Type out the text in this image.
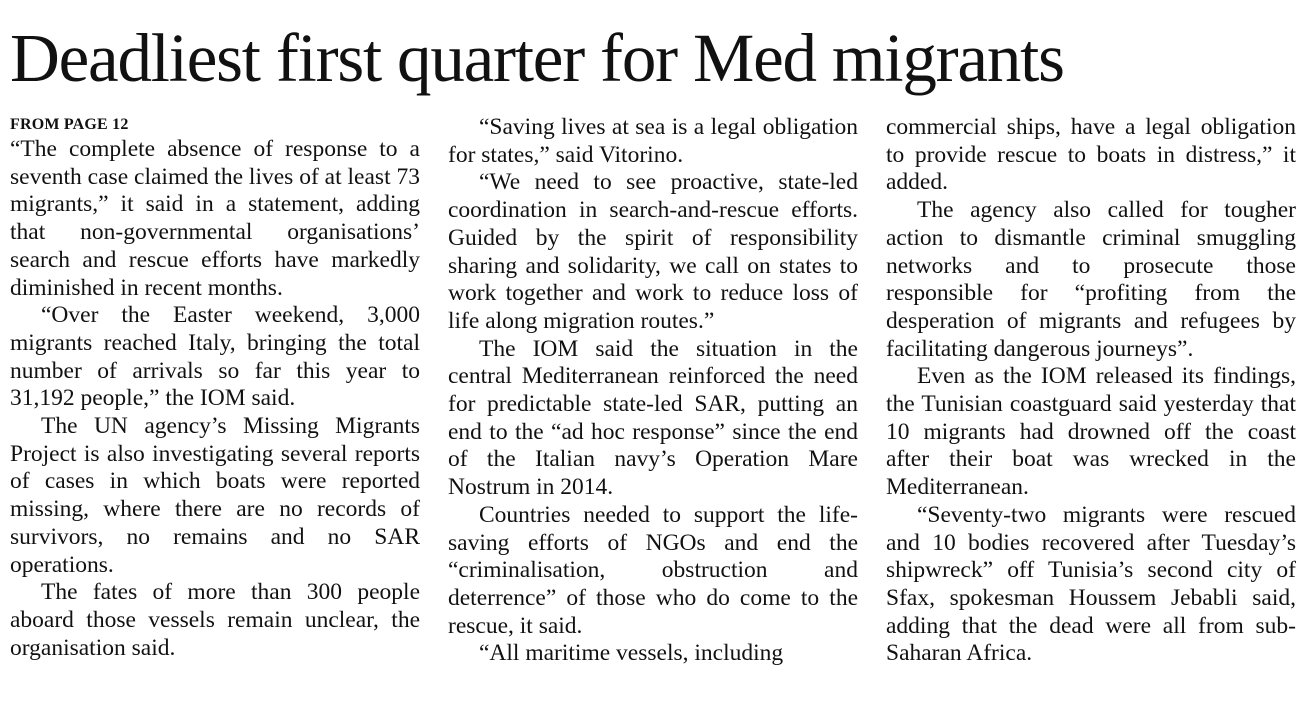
Deadliest first quarter for Med migrants
FROM PAGE 12

“The complete absence of response to a seventh case claimed the lives of at least 73 migrants,” it said in a statement, adding that non-governmental organisations’ search and rescue efforts have markedly diminished in recent months.

“Over the Easter weekend, 3,000 migrants reached Italy, bringing the total number of arrivals so far this year to 31,192 people,” the IOM said.

The UN agency’s Missing Migrants Project is also investigating several reports of cases in which boats were reported missing, where there are no records of survivors, no remains and no SAR operations.

The fates of more than 300 people aboard those vessels remain unclear, the organisation said.

“Saving lives at sea is a legal obligation for states,” said Vitorino.

“We need to see proactive, state-led coordination in search-and-rescue efforts. Guided by the spirit of responsibility sharing and solidarity, we call on states to work together and work to reduce loss of life along migration routes.”

The IOM said the situation in the central Mediterranean reinforced the need for predictable state-led SAR, putting an end to the “ad hoc response” since the end of the Italian navy’s Operation Mare Nostrum in 2014.

Countries needed to support the life-saving efforts of NGOs and end the “criminalisation, obstruction and deterrence” of those who do come to the rescue, it said.

“All maritime vessels, including

commercial ships, have a legal obligation to provide rescue to boats in distress,” it added.

The agency also called for tougher action to dismantle criminal smuggling networks and to prosecute those responsible for “profiting from the desperation of migrants and refugees by facilitating dangerous journeys”.

Even as the IOM released its findings, the Tunisian coastguard said yesterday that 10 migrants had drowned off the coast after their boat was wrecked in the Mediterranean.

“Seventy-two migrants were rescued and 10 bodies recovered after Tuesday’s shipwreck” off Tunisia’s second city of Sfax, spokesman Houssem Jebabli said, adding that the dead were all from sub-Saharan Africa.
